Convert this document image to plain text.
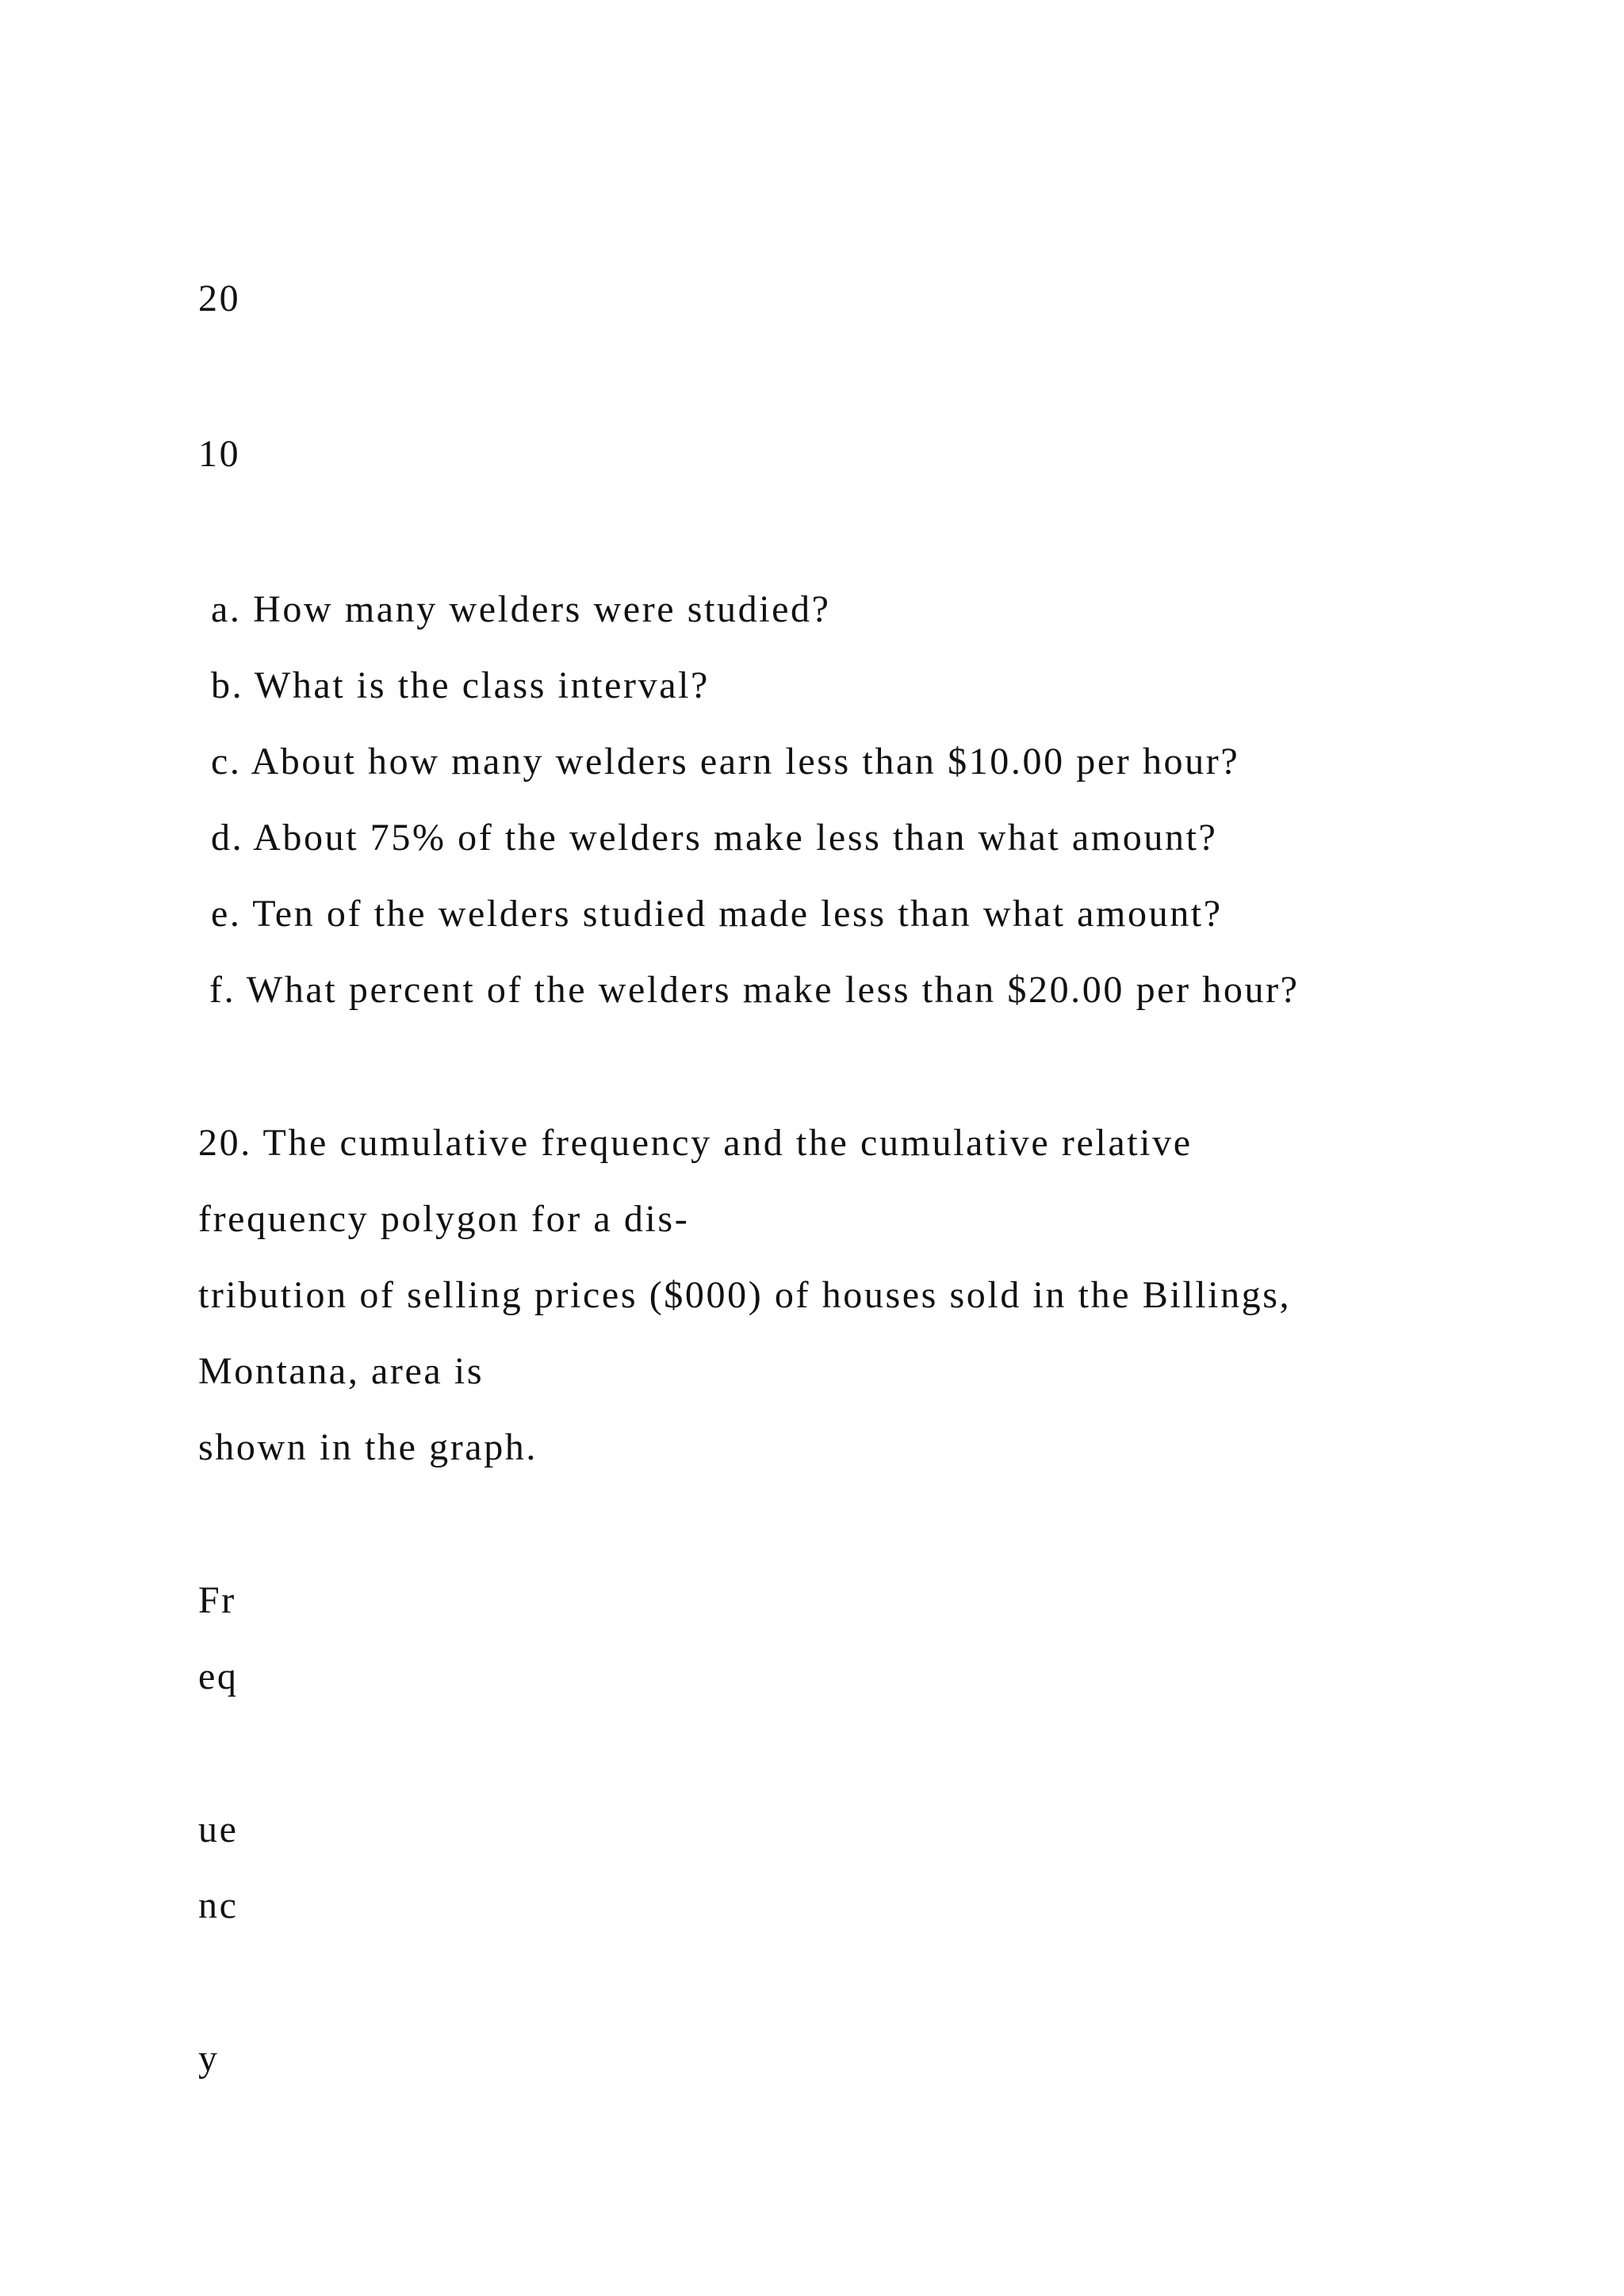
20

10

a. How many welders were studied?

b. What is the class interval?

c. About how many welders earn less than $10.00 per hour?

d. About 75% of the welders make less than what amount?

e. Ten of the welders studied made less than what amount?

f. What percent of the welders make less than $20.00 per hour?

20. The cumulative frequency and the cumulative relative

frequency polygon for a dis-

tribution of selling prices ($000) of houses sold in the Billings,

Montana, area is

shown in the graph.

Fr

eq

ue

nc

y
